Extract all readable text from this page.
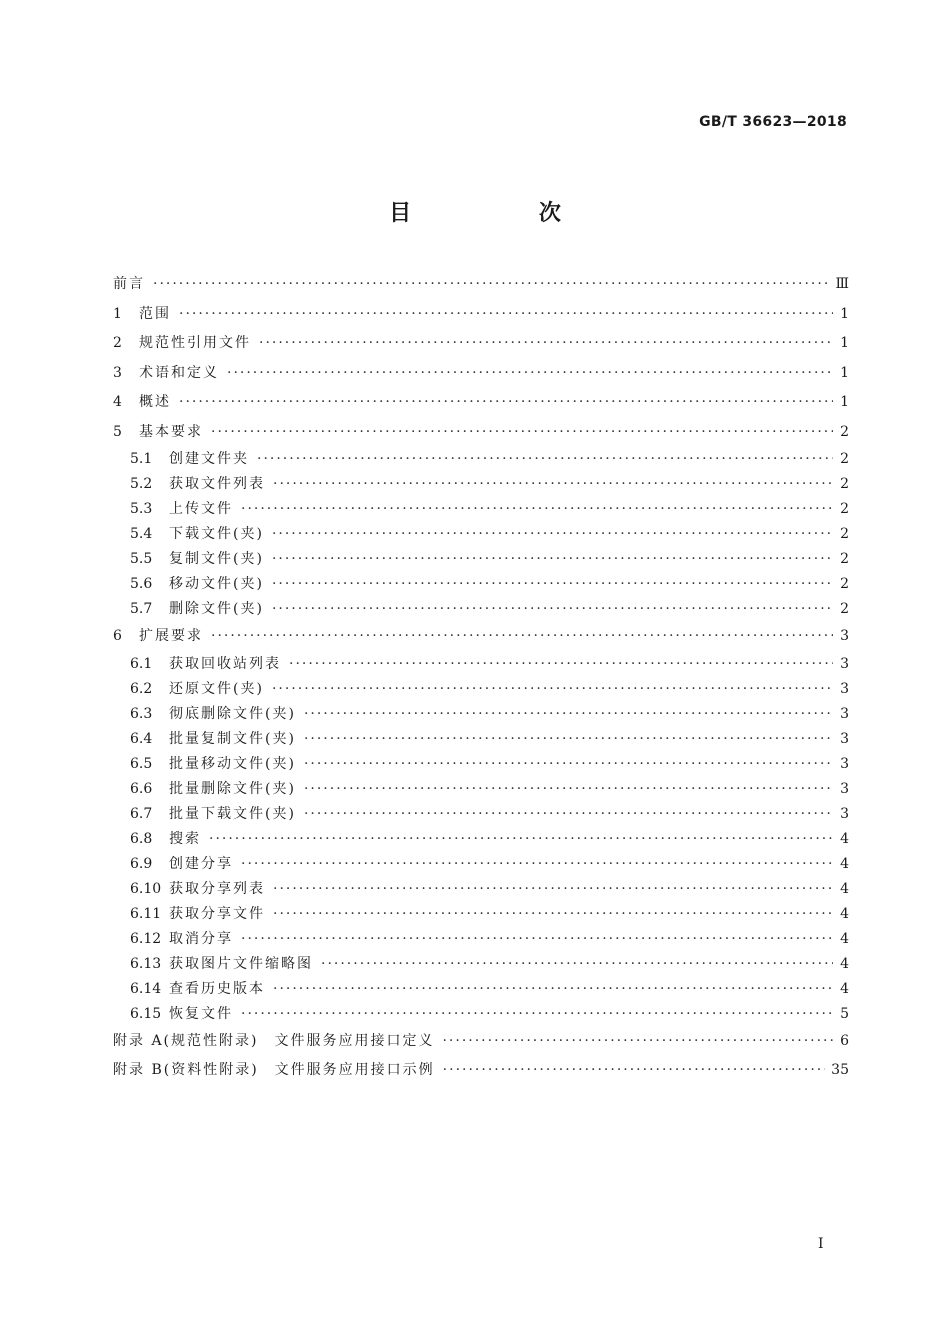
GB/T 36623—2018
目 次
前言 ·····	Ⅲ
1	范围 ·····	1
2	规范性引用文件 ·····	1
3	术语和定义 ·····	1
4	概述 ·····	1
5	基本要求 ·····	2
5.1	创建文件夹 ·····	2
5.2	获取文件列表 ·····	2
5.3	上传文件 ·····	2
5.4	下载文件(夹) ·····	2
5.5	复制文件(夹) ·····	2
5.6	移动文件(夹) ·····	2
5.7	删除文件(夹) ·····	2
6	扩展要求 ·····	3
6.1	获取回收站列表 ·····	3
6.2	还原文件(夹) ·····	3
6.3	彻底删除文件(夹) ·····	3
6.4	批量复制文件(夹) ·····	3
6.5	批量移动文件(夹) ·····	3
6.6	批量删除文件(夹) ·····	3
6.7	批量下载文件(夹) ·····	3
6.8	搜索 ·····	4
6.9	创建分享 ·····	4
6.10 获取分享列表 ·····	4
6.11 获取分享文件 ·····	4
6.12 取消分享 ·····	4
6.13 获取图片文件缩略图 ·····	4
6.14 查看历史版本 ·····	4
6.15 恢复文件 ·····	5
附录 A(规范性附录)　文件服务应用接口定义 ·····	6
附录 B(资料性附录)　文件服务应用接口示例 ·····	35
Ⅰ
